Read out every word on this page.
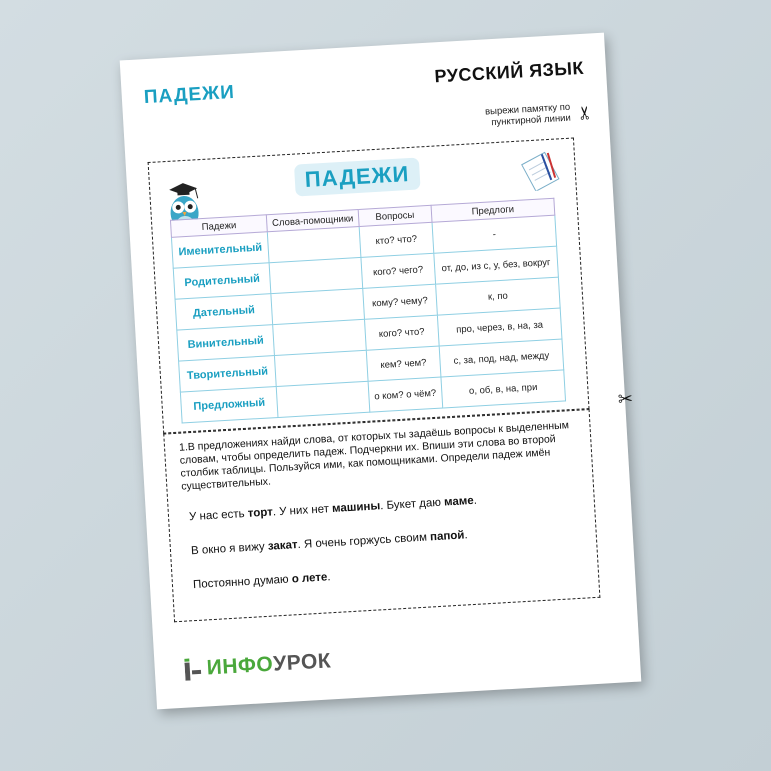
ПАДЕЖИ
РУССКИЙ ЯЗЫК
вырежи памятку по пунктирной линии ✂
ПАДЕЖИ
Падежи	Слова-помощники	Вопросы	Предлоги
Именительный		кто? что?	-
Родительный		кого? чего?	от, до, из с, у, без, вокруг
Дательный		кому? чему?	к, по
Винительный		кого? что?	про, через, в, на, за
Творительный		кем? чем?	с, за, под, над, между
Предложный		о ком? о чём?	о, об, в, на, при	✂
1.В предложениях найди слова, от которых ты задаёшь вопросы к выделенным словам, чтобы определить падеж. Подчеркни их. Впиши эти слова во второй столбик таблицы. Пользуйся ими, как помощниками. Определи падеж имён существительных.
У нас есть торт. У них нет машины. Букет даю маме.
В окно я вижу закат. Я очень горжусь своим папой.
Постоянно думаю о лете.
ИНФО
УРОК
